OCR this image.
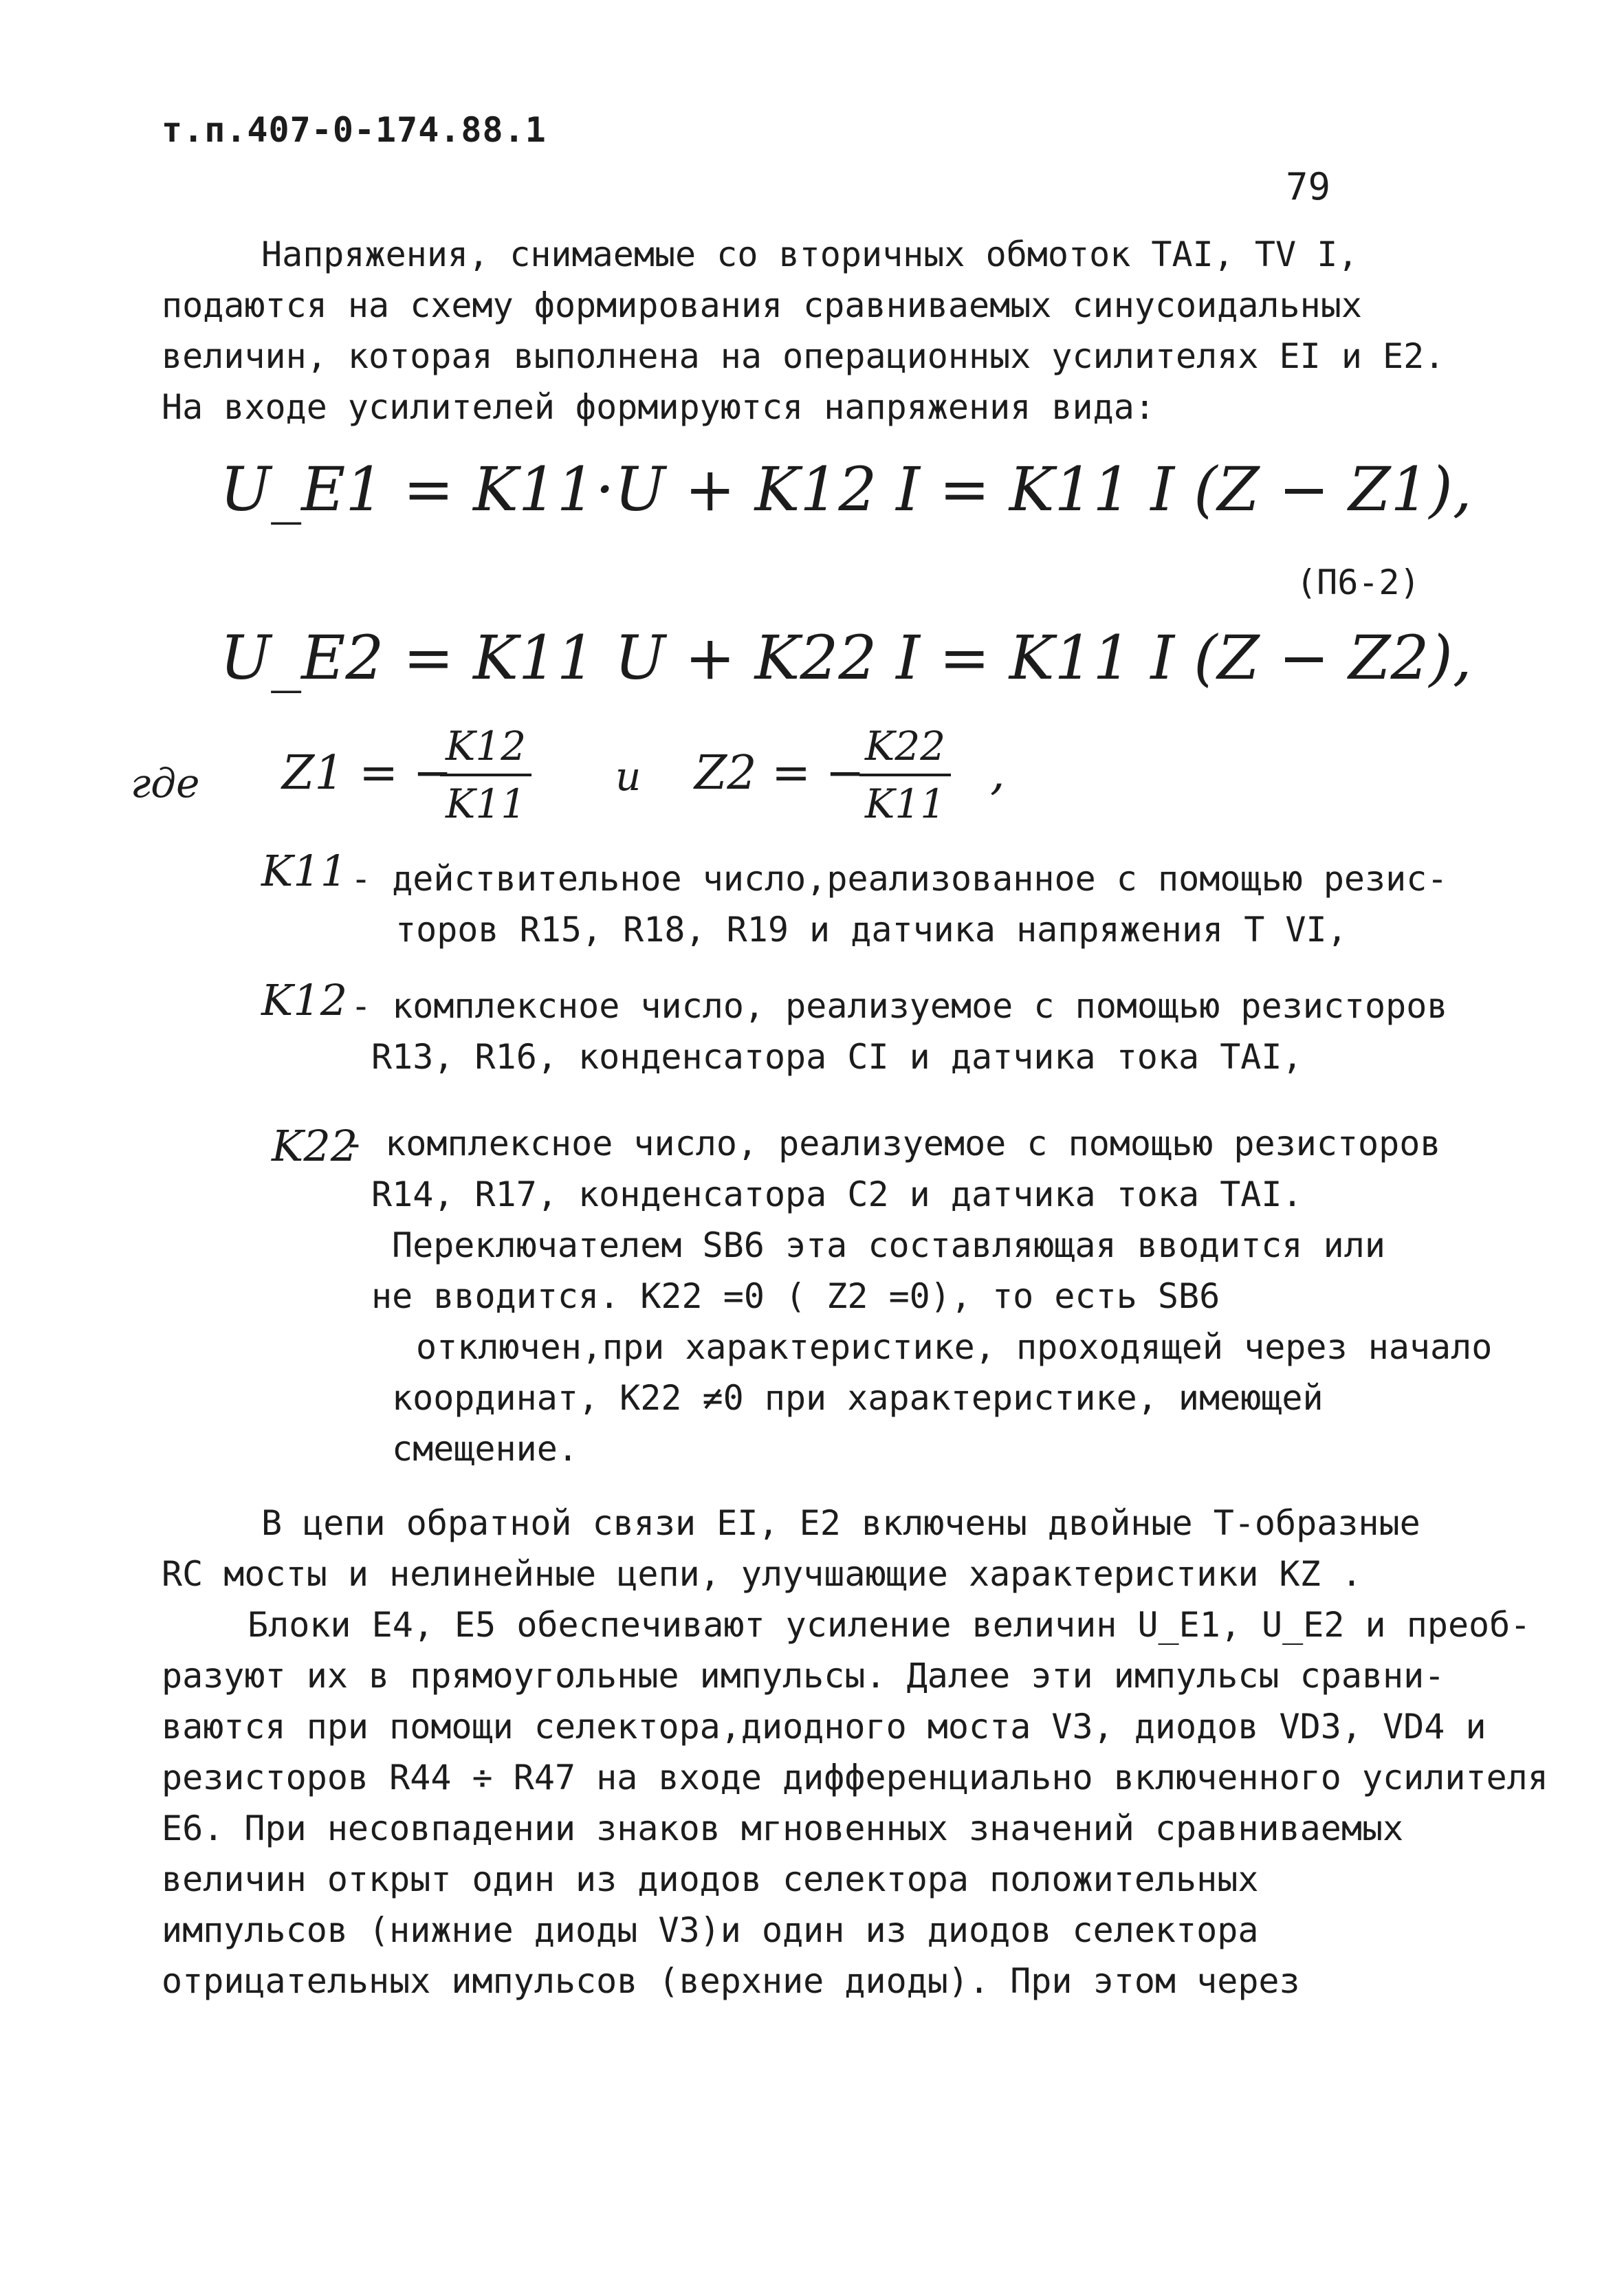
т.п.407-0-174.88.1
79
Напряжения, снимаемые со вторичных обмоток TAI, TV I,
подаются на схему формирования сравниваемых синусоидальных
величин, которая выполнена на операционных усилителях EI и E2.
На входе усилителей формируются напряжения вида:
U_E1 = K11·U + K12 I = K11 I (Z − Z1),
(П6-2)
U_E2 = K11 U + K22 I = K11 I (Z − Z2),
где Z1 = −
$\frac{K12}{K11}$ и Z2 = −
$\frac{K22}{K11}$ ,
K11 - действительное число,реализованное с помощью резис-
торов R15, R18, R19 и датчика напряжения T VI,
K12 - комплексное число, реализуемое с помощью резисторов
R13, R16, конденсатора CI и датчика тока TAI,
K22
- комплексное число, реализуемое с помощью резисторов
R14, R17, конденсатора C2 и датчика тока TAI.
Переключателем SB6 эта составляющая вводится или
не вводится. K22 =0 ( Z2 =0), то есть SB6
отключен,при характеристике, проходящей через начало
координат, K22 ≠0 при характеристике, имеющей
смещение.
В цепи обратной связи EI, E2 включены двойные Т-образные
RC мосты и нелинейные цепи, улучшающие характеристики KZ .
Блоки E4, E5 обеспечивают усиление величин U_E1, U_E2 и преоб-
разуют их в прямоугольные импульсы. Далее эти импульсы сравни-
ваются при помощи селектора,диодного моста V3, диодов VD3, VD4 и
резисторов R44 ÷ R47 на входе дифференциально включенного усилителя
E6. При несовпадении знаков мгновенных значений сравниваемых
величин открыт один из диодов селектора положительных
импульсов (нижние диоды V3)и один из диодов селектора
отрицательных импульсов (верхние диоды). При этом через
